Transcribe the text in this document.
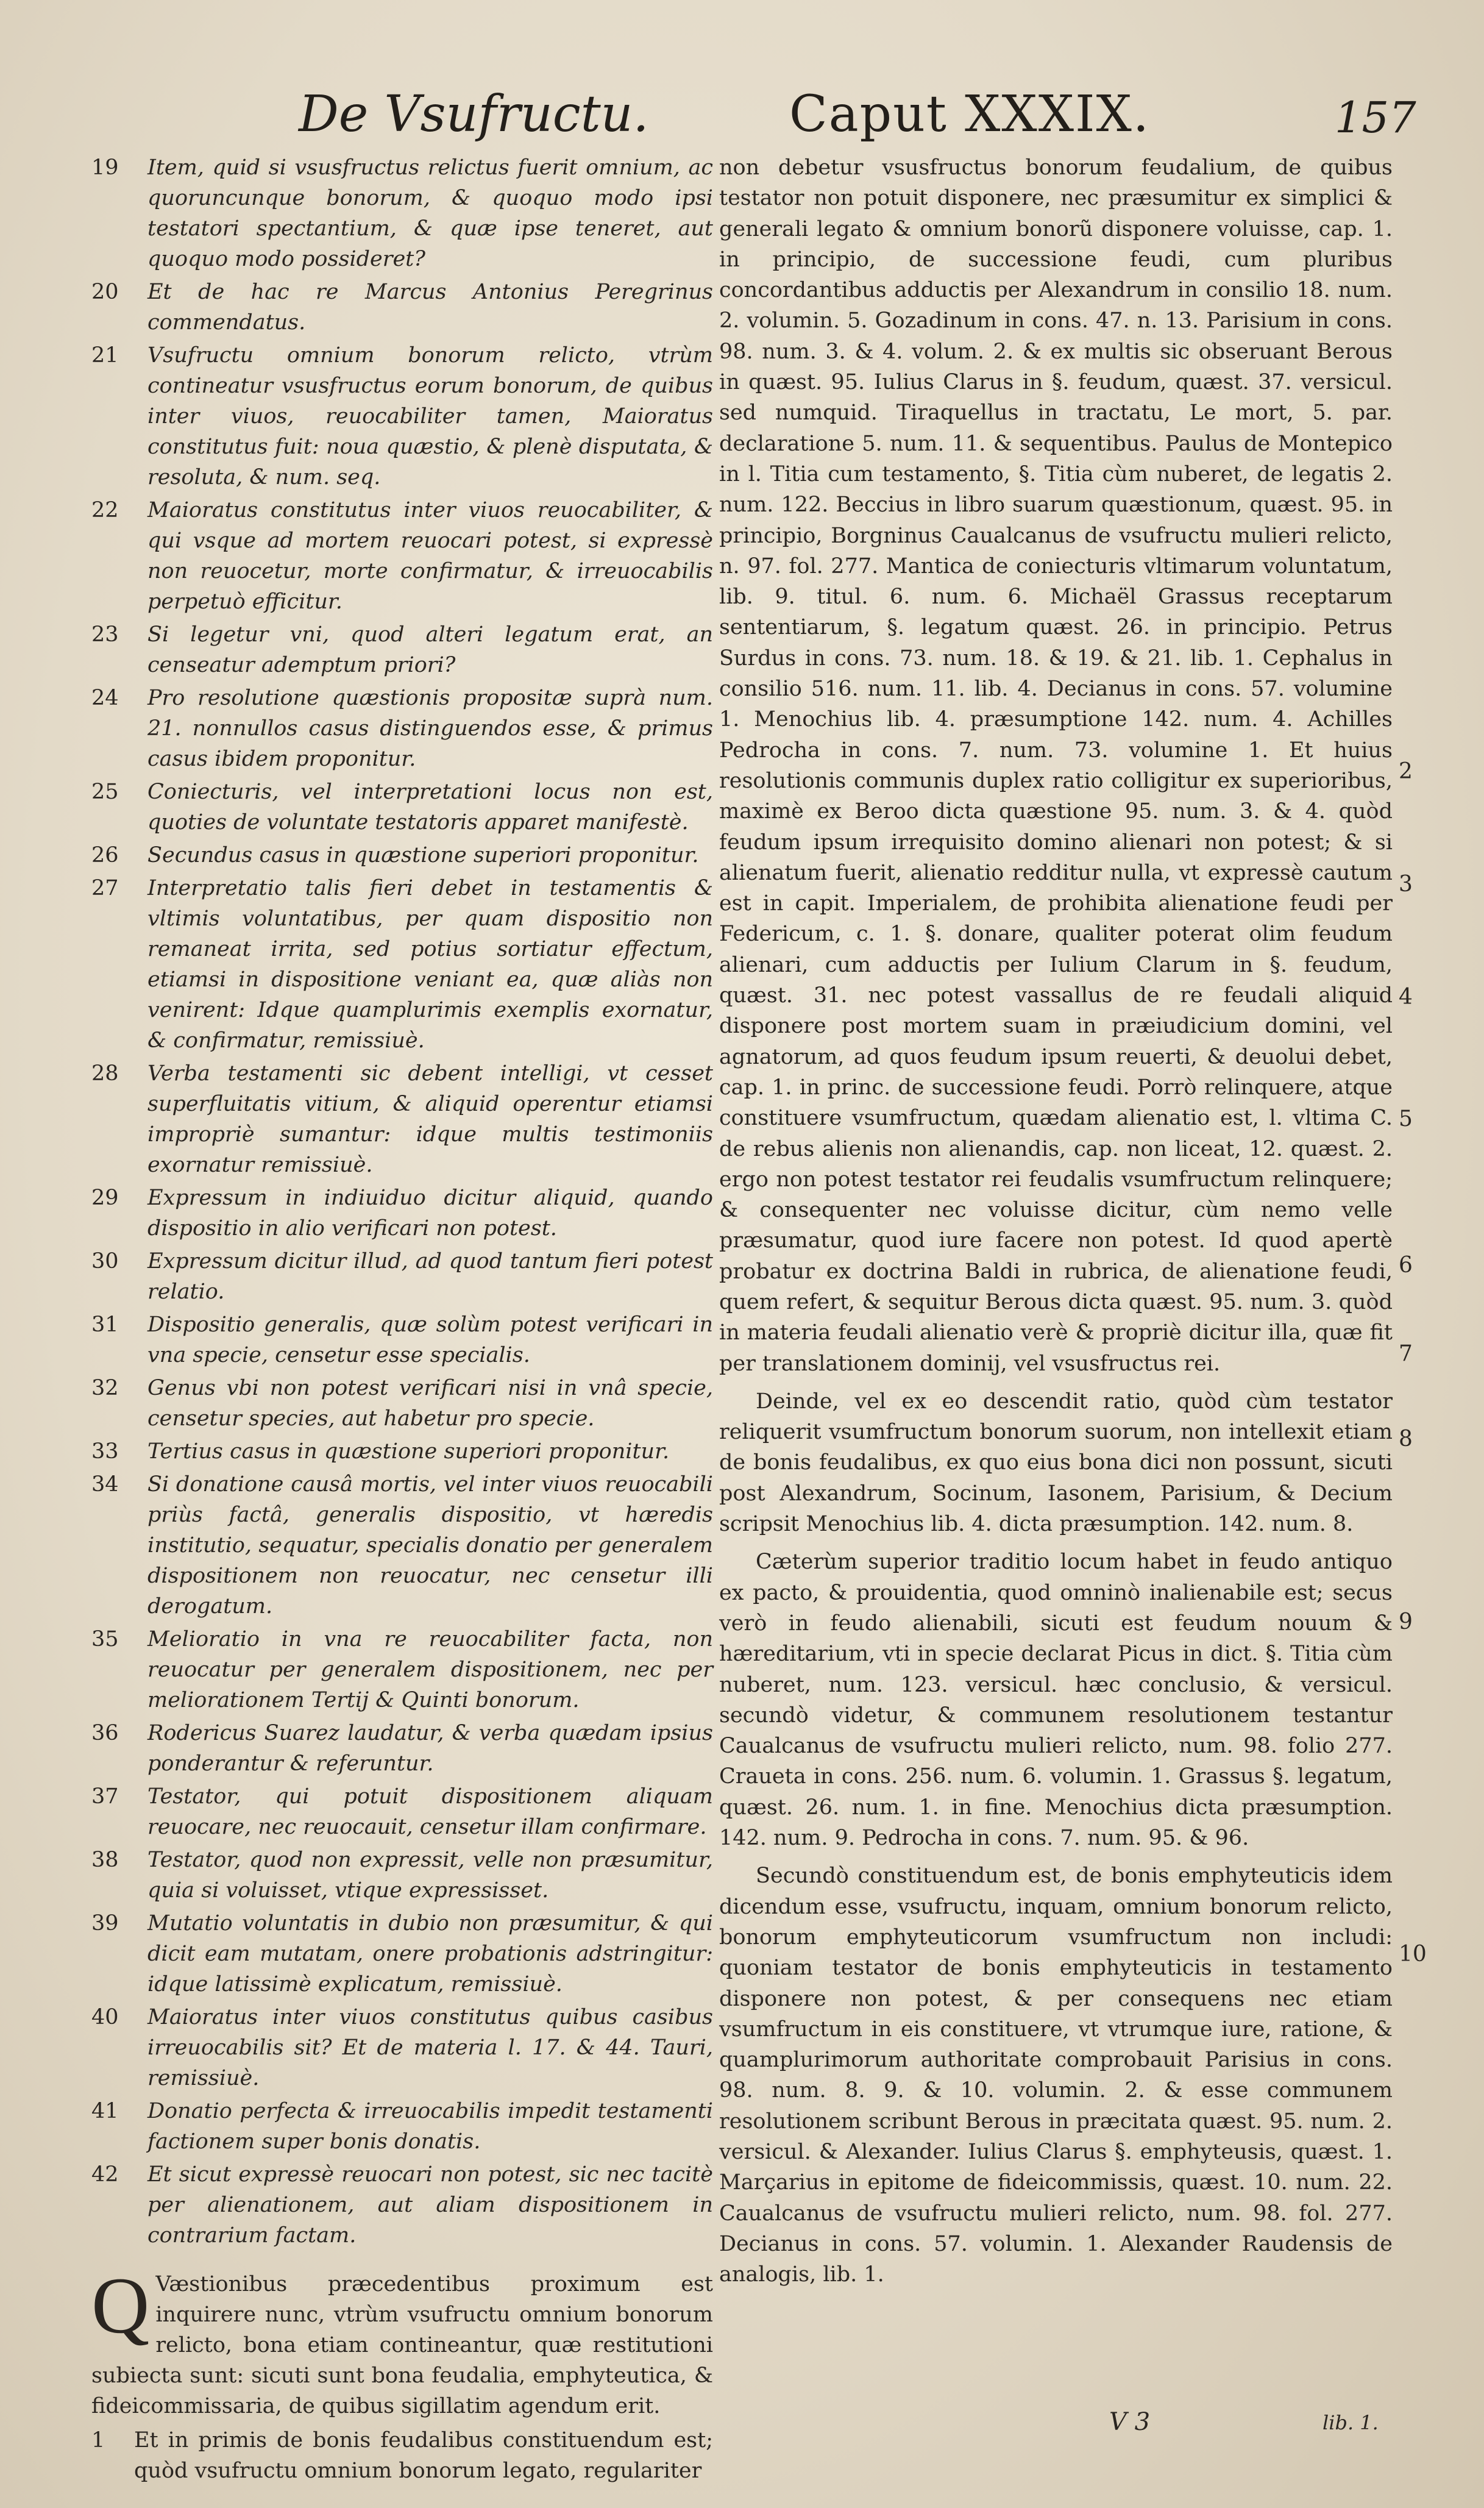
De Vsufructu.	Caput XXXIX.	157
19	Item, quid si vsusfructus relictus fuerit omnium, ac quoruncunque bonorum, & quoquo modo ipsi testatori spectantium, & quæ ipse teneret, aut quoquo modo possideret?
20	Et de hac re Marcus Antonius Peregrinus commendatus.
21	Vsufructu omnium bonorum relicto, vtrùm contineatur vsusfructus eorum bonorum, de quibus inter viuos, reuocabiliter tamen, Maioratus constitutus fuit: noua quæstio, & plenè disputata, & resoluta, & num. seq.
22	Maioratus constitutus inter viuos reuocabiliter, & qui vsque ad mortem reuocari potest, si expressè non reuocetur, morte confirmatur, & irreuocabilis perpetuò efficitur.
23	Si legetur vni, quod alteri legatum erat, an censeatur ademptum priori?
24	Pro resolutione quæstionis propositæ suprà num. 21. nonnullos casus distinguendos esse, & primus casus ibidem proponitur.
25	Coniecturis, vel interpretationi locus non est, quoties de voluntate testatoris apparet manifestè.
26	Secundus casus in quæstione superiori proponitur.
27	Interpretatio talis fieri debet in testamentis & vltimis voluntatibus, per quam dispositio non remaneat irrita, sed potius sortiatur effectum, etiamsi in dispositione veniant ea, quæ aliàs non venirent: Idque quamplurimis exemplis exornatur, & confirmatur, remissiuè.
28	Verba testamenti sic debent intelligi, vt cesset superfluitatis vitium, & aliquid operentur etiamsi impropriè sumantur: idque multis testimoniis exornatur remissiuè.
29	Expressum in indiuiduo dicitur aliquid, quando dispositio in alio verificari non potest.
30	Expressum dicitur illud, ad quod tantum fieri potest relatio.
31	Dispositio generalis, quæ solùm potest verificari in vna specie, censetur esse specialis.
32	Genus vbi non potest verificari nisi in vnâ specie, censetur species, aut habetur pro specie.
33	Tertius casus in quæstione superiori proponitur.
34	Si donatione causâ mortis, vel inter viuos reuocabili priùs factâ, generalis dispositio, vt hæredis institutio, sequatur, specialis donatio per generalem dispositionem non reuocatur, nec censetur illi derogatum.
35	Melioratio in vna re reuocabiliter facta, non reuocatur per generalem dispositionem, nec per meliorationem Tertij & Quinti bonorum.
36	Rodericus Suarez laudatur, & verba quædam ipsius ponderantur & referuntur.
37	Testator, qui potuit dispositionem aliquam reuocare, nec reuocauit, censetur illam confirmare.
38	Testator, quod non expressit, velle non præsumitur, quia si voluisset, vtique expressisset.
39	Mutatio voluntatis in dubio non præsumitur, & qui dicit eam mutatam, onere probationis adstringitur: idque latissimè explicatum, remissiuè.
40	Maioratus inter viuos constitutus quibus casibus irreuocabilis sit? Et de materia l. 17. & 44. Tauri, remissiuè.
41	Donatio perfecta & irreuocabilis impedit testamenti factionem super bonis donatis.
42	Et sicut expressè reuocari non potest, sic nec tacitè per alienationem, aut aliam dispositionem in contrarium factam.
Q Væstionibus præcedentibus proximum est inquirere nunc, vtrùm vsufructu omnium bonorum relicto, bona etiam contineantur, quæ restitutioni subiecta sunt: sicuti sunt bona feudalia, emphyteutica, & fideicommissaria, de quibus sigillatim agendum erit.
1	Et in primis de bonis feudalibus constituendum est; quòd vsufructu omnium bonorum legato, regulariter

non debetur vsusfructus bonorum feudalium, de quibus testator non potuit disponere, nec præsumitur ex simplici & generali legato & omnium bonorũ disponere voluisse, cap. 1. in principio, de successione feudi, cum pluribus concordantibus adductis per Alexandrum in consilio 18. num. 2. volumin. 5. Gozadinum in cons. 47. n. 13. Parisium in cons. 98. num. 3. & 4. volum. 2. & ex multis sic obseruant Berous in quæst. 95. Iulius Clarus in §. feudum, quæst. 37. versicul. sed numquid. Tiraquellus in tractatu, Le mort, 5. par. declaratione 5. num. 11. & sequentibus. Paulus de Montepico in l. Titia cum testamento, §. Titia cùm nuberet, de legatis 2. num. 122. Beccius in libro suarum quæstionum, quæst. 95. in principio, Borgninus Caualcanus de vsufructu mulieri relicto, n. 97. fol. 277. Mantica de coniecturis vltimarum voluntatum, lib. 9. titul. 6. num. 6. Michaël Grassus receptarum sententiarum, §. legatum quæst. 26. in principio. Petrus Surdus in cons. 73. num. 18. & 19. & 21. lib. 1. Cephalus in consilio 516. num. 11. lib. 4. Decianus in cons. 57. volumine 1. Menochius lib. 4. præsumptione 142. num. 4. Achilles Pedrocha in cons. 7. num. 73. volumine 1. Et huius resolutionis communis duplex ratio colligitur ex superioribus, maximè ex Beroo dicta quæstione 95. num. 3. & 4. quòd feudum ipsum irrequisito domino alienari non potest; & si alienatum fuerit, alienatio redditur nulla, vt expressè cautum est in capit. Imperialem, de prohibita alienatione feudi per Federicum, c. 1. §. donare, qualiter poterat olim feudum alienari, cum adductis per Iulium Clarum in §. feudum, quæst. 31. nec potest vassallus de re feudali aliquid disponere post mortem suam in præiudicium domini, vel agnatorum, ad quos feudum ipsum reuerti, & deuolui debet, cap. 1. in princ. de successione feudi. Porrò relinquere, atque constituere vsumfructum, quædam alienatio est, l. vltima C. de rebus alienis non alienandis, cap. non liceat, 12. quæst. 2. ergo non potest testator rei feudalis vsumfructum relinquere; & consequenter nec voluisse dicitur, cùm nemo velle præsumatur, quod iure facere non potest. Id quod apertè probatur ex doctrina Baldi in rubrica, de alienatione feudi, quem refert, & sequitur Berous dicta quæst. 95. num. 3. quòd in materia feudali alienatio verè & propriè dicitur illa, quæ fit per translationem dominij, vel vsusfructus rei.

Deinde, vel ex eo descendit ratio, quòd cùm testator reliquerit vsumfructum bonorum suorum, non intellexit etiam de bonis feudalibus, ex quo eius bona dici non possunt, sicuti post Alexandrum, Socinum, Iasonem, Parisium, & Decium scripsit Menochius lib. 4. dicta præsumption. 142. num. 8.

Cæterùm superior traditio locum habet in feudo antiquo ex pacto, & prouidentia, quod omninò inalienabile est; secus verò in feudo alienabili, sicuti est feudum nouum & hæreditarium, vti in specie declarat Picus in dict. §. Titia cùm nuberet, num. 123. versicul. hæc conclusio, & versicul. secundò videtur, & communem resolutionem testantur Caualcanus de vsufructu mulieri relicto, num. 98. folio 277. Craueta in cons. 256. num. 6. volumin. 1. Grassus §. legatum, quæst. 26. num. 1. in fine. Menochius dicta præsumption. 142. num. 9. Pedrocha in cons. 7. num. 95. & 96.

Secundò constituendum est, de bonis emphyteuticis idem dicendum esse, vsufructu, inquam, omnium bonorum relicto, bonorum emphyteuticorum vsumfructum non includi: quoniam testator de bonis emphyteuticis in testamento disponere non potest, & per consequens nec etiam vsumfructum in eis constituere, vt vtrumque iure, ratione, & quamplurimorum authoritate comprobauit Parisius in cons. 98. num. 8. 9. & 10. volumin. 2. & esse communem resolutionem scribunt Berous in præcitata quæst. 95. num. 2. versicul. & Alexander. Iulius Clarus §. emphyteusis, quæst. 1. Marçarius in epitome de fideicommissis, quæst. 10. num. 22. Caualcanus de vsufructu mulieri relicto, num. 98. fol. 277. Decianus in cons. 57. volumin. 1. Alexander Raudensis de analogis, lib. 1.

2
3
4
5
6
7
8
9
10
V 3	lib. 1.
